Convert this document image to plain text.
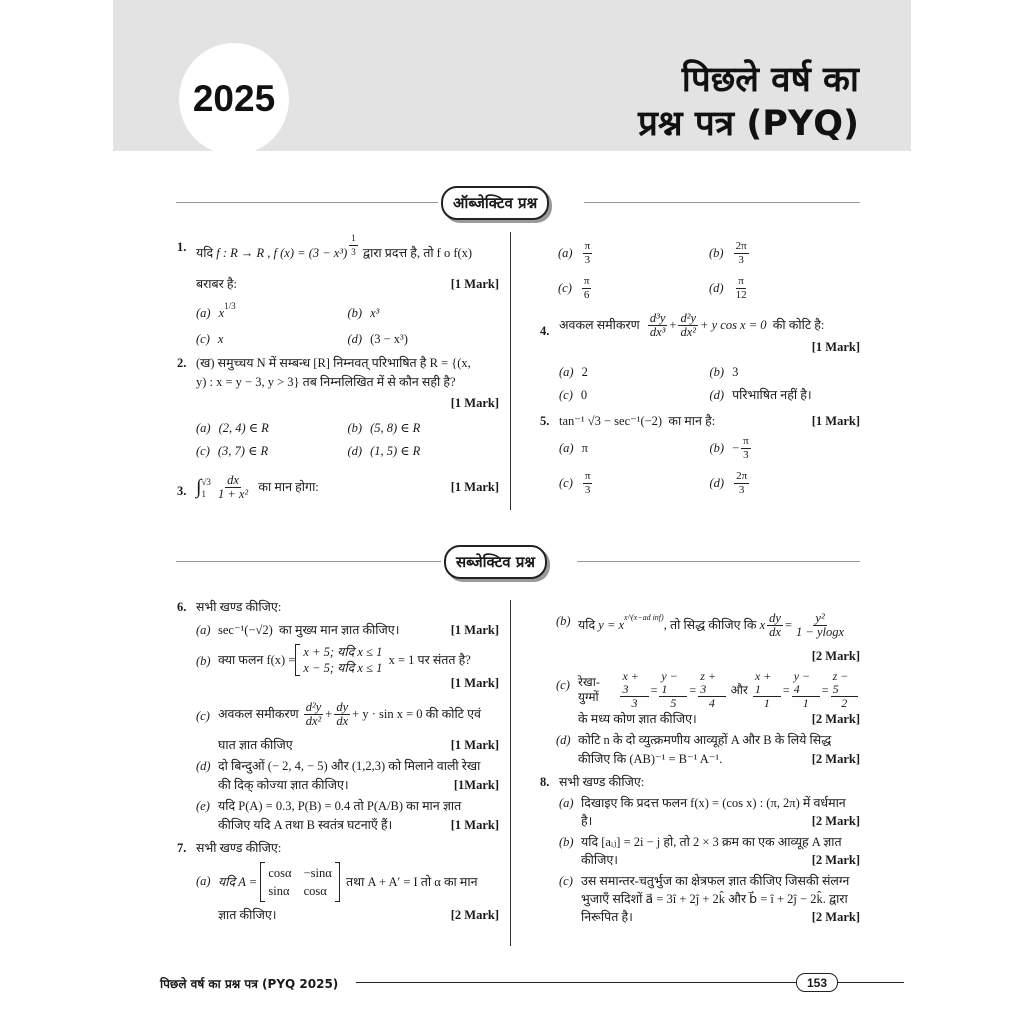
2025	पिछले वर्ष का
प्रश्न पत्र (PYQ)
ऑब्जेक्टिव प्रश्न
1. यदि
f : R → R , f $(x) = (3 - x^3) \frac{1}{3}$
द्वारा प्रदत्त है, तो f o f(x)
बराबर है:	[1 Mark]
(a) x 1/3	(b) x³
(c) x	(d) (3 − x³)
2. (ख) समुच्चय N में सम्बन्ध [R] निम्नवत् परिभाषित है R = {(x,
y) : x = y − 3, y > 3} तब निम्नलिखित में से कौन सही है?
[1 Mark]
(a) (2, 4) ∈ R	(b) (5, 8) ∈ R
(c) (3, 7) ∈ R	(d) (1, 5) ∈ R
3. ∫ √3
$1 \frac{dx}{\text{1 + x²}}$
का मान होगा:	[1 Mark]
$(a) \frac{\pi}{3}$	$(b) \frac{2\pi}{3}$
$(c) \frac{\pi}{6}$	$(d) \frac{\pi}{12}$
4. अवकल समीकरण
$\frac{\text{d³y}}{\text{dx³}} + \frac{\text{d²y}}{\text{dx²}} + y$ cos x = 0
की कोटि है:
[1 Mark]
(a) 2	(b) 3
(c) 0	(d) परिभाषित नहीं है।
5. tan⁻¹ √3 − sec⁻¹(−2) का मान है:	[1 Mark]
(a) π	$(b) - \frac{\pi}{3}$
$(c) \frac{\pi}{3}$	$(d) \frac{2\pi}{3}$
सब्जेक्टिव प्रश्न
6. सभी खण्ड कीजिए:
(a) sec⁻¹(−√2) का मुख्य मान ज्ञात कीजिए।	[1 Mark]
(b) क्या फलन f(x) =
x + 5; यदि x ≤ 1
x − 5; यदि x ≤ 1

x = 1 पर संतत है?
[1 Mark]
(c) अवकल समीकरण
$\frac{\text{d²y}}{\text{dx²}} + \frac{dy}{dx} + y \cdot \sin x = 0$ की कोटि एवं
घात ज्ञात कीजिए	[1 Mark]
(d) दो बिन्दुओं (− 2, 4, − 5) और (1,2,3) को मिलाने वाली रेखा
की दिक् कोज्या ज्ञात कीजिए।	[1Mark]
(e) यदि P(A) = 0.3, P(B) = 0.4 तो P(A/B) का मान ज्ञात
कीजिए यदि A तथा B स्वतंत्र घटनाएँ हैं।	[1 Mark]
7. सभी खण्ड कीजिए:
(a) यदि A =

cosα −sinα
sinα cosα

तथा A + A′ = I तो α का मान
ज्ञात कीजिए।	[2 Mark]
(b) यदि
y = x
x^(x−ad inf)
, तो सिद्ध कीजिए कि
x $\frac{dy}{dx} = \frac{\text{y²}}{1 - ylogx}$
[2 Mark]
(c) रेखा-युग्मों	$\frac{x + 3}{3} = \frac{y - 1}{5} = \frac{z + 3}{4}$
और
$\frac{x + 1}{1} = \frac{y - 4}{1} = \frac{z - 5}{2}$
के मध्य कोण ज्ञात कीजिए।	[2 Mark]
(d) कोटि n के दो व्युत्क्रमणीय आव्यूहों A और B के लिये सिद्ध
कीजिए कि (AB)⁻¹ = B⁻¹ A⁻¹.	[2 Mark]
8. सभी खण्ड कीजिए:
(a) दिखाइए कि प्रदत्त फलन f(x) = (cos x) : (π, 2π) में वर्धमान
है।	[2 Mark]
(b) यदि [aᵢⱼ] = 2i − j हो, तो 2 × 3 क्रम का एक आव्यूह A ज्ञात
कीजिए।	[2 Mark]
(c) उस समान्तर-चतुर्भुज का क्षेत्रफल ज्ञात कीजिए जिसकी संलग्न
भुजाएँ सदिशों a⃗ = 3î + 2ĵ + 2k̂ और b⃗ = î + 2ĵ − 2k̂. द्वारा
निरूपित है।	[2 Mark]
पिछले वर्ष का प्रश्न पत्र (PYQ 2025)	153
